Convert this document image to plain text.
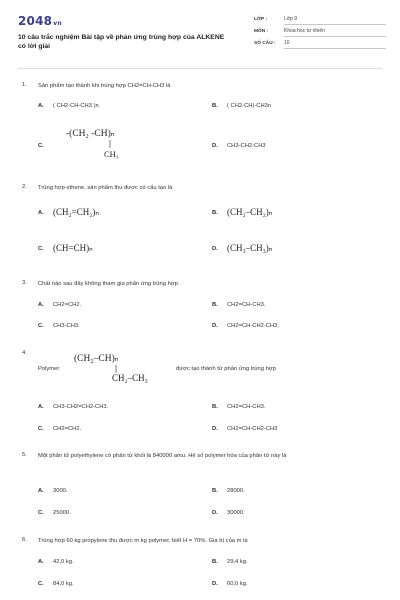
2048vn
10 câu trắc nghiệm Bài tập về phản ứng trùng hợp của ALKENE có lời giải
LỚP :	Lớp 9
MÔN :	Khoa học tự nhiên
SỐ CÂU : 10
1. Sản phẩm tạo thành khi trùng hợp CH2=CH-CH3 là
A. ( CH2-CH-CH3 )n	B. ( CH2-CH)-CH3n
C.
-(CH₂ -CH)ₙ
CH₃
D. CH3-CH2-CH3
2. Trùng hợp ethene, sản phẩm thu được có cấu tạo là
A. (CH₂=CH₂)ₙ	B. (CH₂–CH₂)ₙ
C. (CH=CH)ₙ	D. (CH₃–CH₃)ₙ
3. Chất nào sau đây không tham gia phản ứng trùng hợp
A. CH2=CH2.	B. CH2=CH-CH3.
C. CH3-CH3.	D. CH2=CH-CH2-CH3.
4.
Polymer
(CH₂–CH)ₙ
CH₂–CH₃
được tạo thành từ phản ứng trùng hợp
A. CH3-CH2=CH2-CH3.	B. CH2=CH-CH3.
C. CH2=CH2.	D. CH2=CH-CH2-CH3
5. Một phân tử polyethylene có phân tử khối là 840000 amu. Hệ số polymer hóa của phân tử này là
A. 3000.	B. 28000.
C. 25000.	D. 30000.
6. Trùng hợp 60 kg propylene thu được m kg polymer, biết H = 70%. Giá trị của m là
A. 42,0 kg.	B. 29,4 kg.
C. 84,0 kg.	D. 60,0 kg.
